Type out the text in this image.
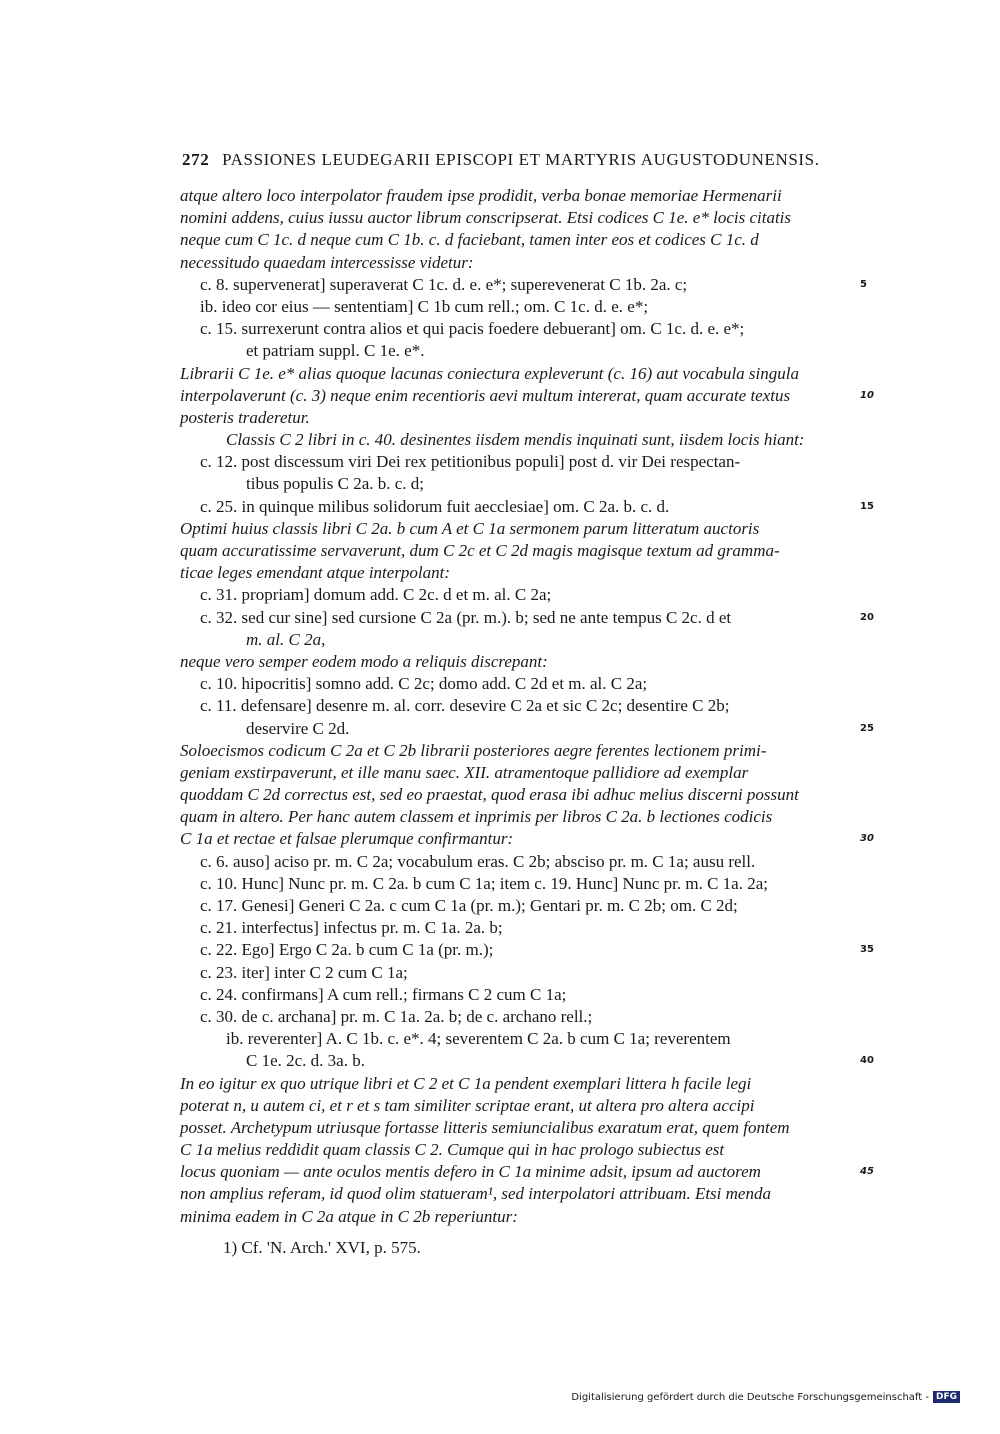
272 PASSIONES LEUDEGARII EPISCOPI ET MARTYRIS AUGUSTODUNENSIS.
atque altero loco interpolator fraudem ipse prodidit, verba bonae memoriae Hermenarii
nomini addens, cuius iussu auctor librum conscripserat. Etsi codices C 1e. e* locis citatis
neque cum C 1c. d neque cum C 1b. c. d faciebant, tamen inter eos et codices C 1c. d
necessitudo quaedam intercessisse videtur:
c. 8. supervenerat] superaverat C 1c. d. e. e*; superevenerat C 1b. 2a. c;	5
ib. ideo cor eius — sententiam] C 1b cum rell.; om. C 1c. d. e. e*;
c. 15. surrexerunt contra alios et qui pacis foedere debuerant] om. C 1c. d. e. e*;
et patriam suppl. C 1e. e*.
Librarii C 1e. e* alias quoque lacunas coniectura expleverunt (c. 16) aut vocabula singula
interpolaverunt (c. 3) neque enim recentioris aevi multum intererat, quam accurate textus	10
posteris traderetur.
Classis C 2 libri in c. 40. desinentes iisdem mendis inquinati sunt, iisdem locis hiant:
c. 12. post discessum viri Dei rex petitionibus populi] post d. vir Dei respectan-
tibus populis C 2a. b. c. d;
c. 25. in quinque milibus solidorum fuit aecclesiae] om. C 2a. b. c. d.	15
Optimi huius classis libri C 2a. b cum A et C 1a sermonem parum litteratum auctoris
quam accuratissime servaverunt, dum C 2c et C 2d magis magisque textum ad gramma-
ticae leges emendant atque interpolant:
c. 31. propriam] domum add. C 2c. d et m. al. C 2a;
c. 32. sed cur sine] sed cursione C 2a (pr. m.). b; sed ne ante tempus C 2c. d et	20
m. al. C 2a,
neque vero semper eodem modo a reliquis discrepant:
c. 10. hipocritis] somno add. C 2c; domo add. C 2d et m. al. C 2a;
c. 11. defensare] desenre m. al. corr. desevire C 2a et sic C 2c; desentire C 2b;
deservire C 2d.	25
Soloecismos codicum C 2a et C 2b librarii posteriores aegre ferentes lectionem primi-
geniam exstirpaverunt, et ille manu saec. XII. atramentoque pallidiore ad exemplar
quoddam C 2d correctus est, sed eo praestat, quod erasa ibi adhuc melius discerni possunt
quam in altero. Per hanc autem classem et inprimis per libros C 2a. b lectiones codicis
C 1a et rectae et falsae plerumque confirmantur:	30
c. 6. auso] aciso pr. m. C 2a; vocabulum eras. C 2b; absciso pr. m. C 1a; ausu rell.
c. 10. Hunc] Nunc pr. m. C 2a. b cum C 1a; item c. 19. Hunc] Nunc pr. m. C 1a. 2a;
c. 17. Genesi] Generi C 2a. c cum C 1a (pr. m.); Gentari pr. m. C 2b; om. C 2d;
c. 21. interfectus] infectus pr. m. C 1a. 2a. b;
c. 22. Ego] Ergo C 2a. b cum C 1a (pr. m.);	35
c. 23. iter] inter C 2 cum C 1a;
c. 24. confirmans] A cum rell.; firmans C 2 cum C 1a;
c. 30. de c. archana] pr. m. C 1a. 2a. b; de c. archano rell.;
ib. reverenter] A. C 1b. c. e*. 4; severentem C 2a. b cum C 1a; reverentem
C 1e. 2c. d. 3a. b.	40
In eo igitur ex quo utrique libri et C 2 et C 1a pendent exemplari littera h facile legi
poterat n, u autem ci, et r et s tam similiter scriptae erant, ut altera pro altera accipi
posset. Archetypum utriusque fortasse litteris semiuncialibus exaratum erat, quem fontem
C 1a melius reddidit quam classis C 2. Cumque qui in hac prologo subiectus est
locus quoniam — ante oculos mentis defero in C 1a minime adsit, ipsum ad auctorem	45
non amplius referam, id quod olim statueram¹, sed interpolatori attribuam. Etsi menda
minima eadem in C 2a atque in C 2b reperiuntur:
1) Cf. 'N. Arch.' XVI, p. 575.
Digitalisierung gefördert durch die Deutsche Forschungsgemeinschaft - DFG
